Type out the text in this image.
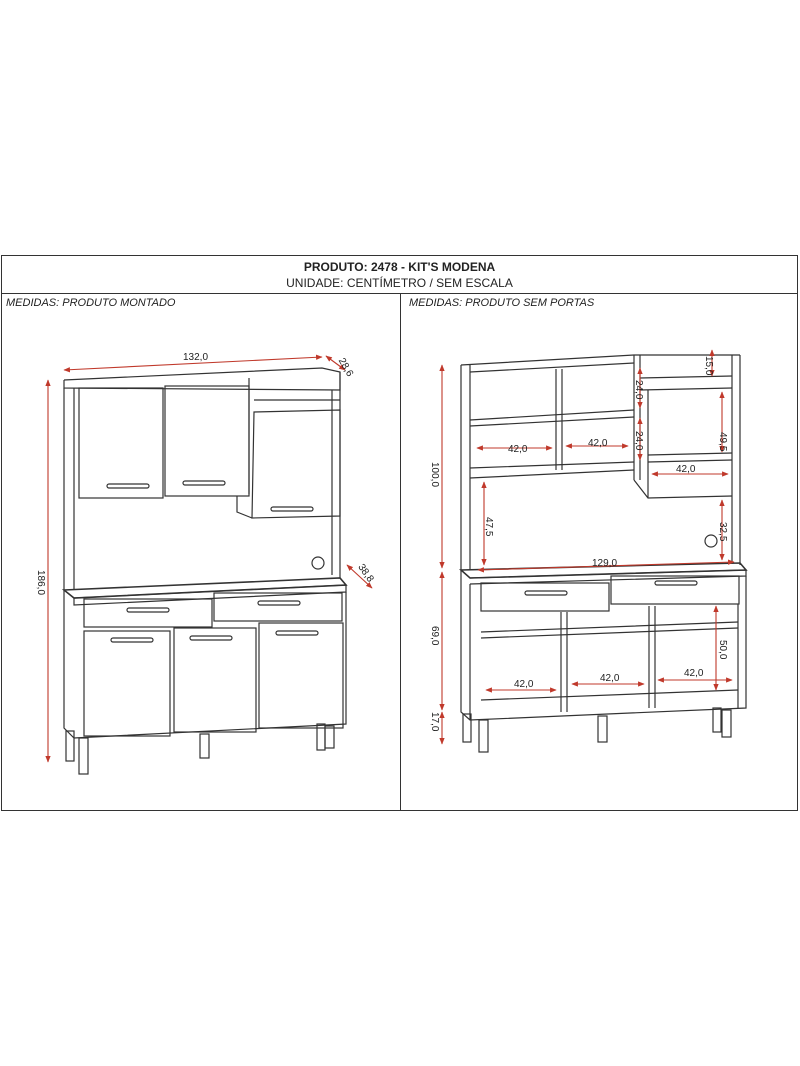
132,0	28,6
38,8
186,0
100,0
69,0
17,0
15,0
24,0
24,0
42,0
42,0	49,5
42,0
47,5	32,5
129,0
50,0
42,0
42,0	42,0
PRODUTO: 2478 - KIT'S MODENA
UNIDADE: CENTÍMETRO / SEM ESCALA
MEDIDAS: PRODUTO MONTADO	MEDIDAS: PRODUTO SEM PORTAS
